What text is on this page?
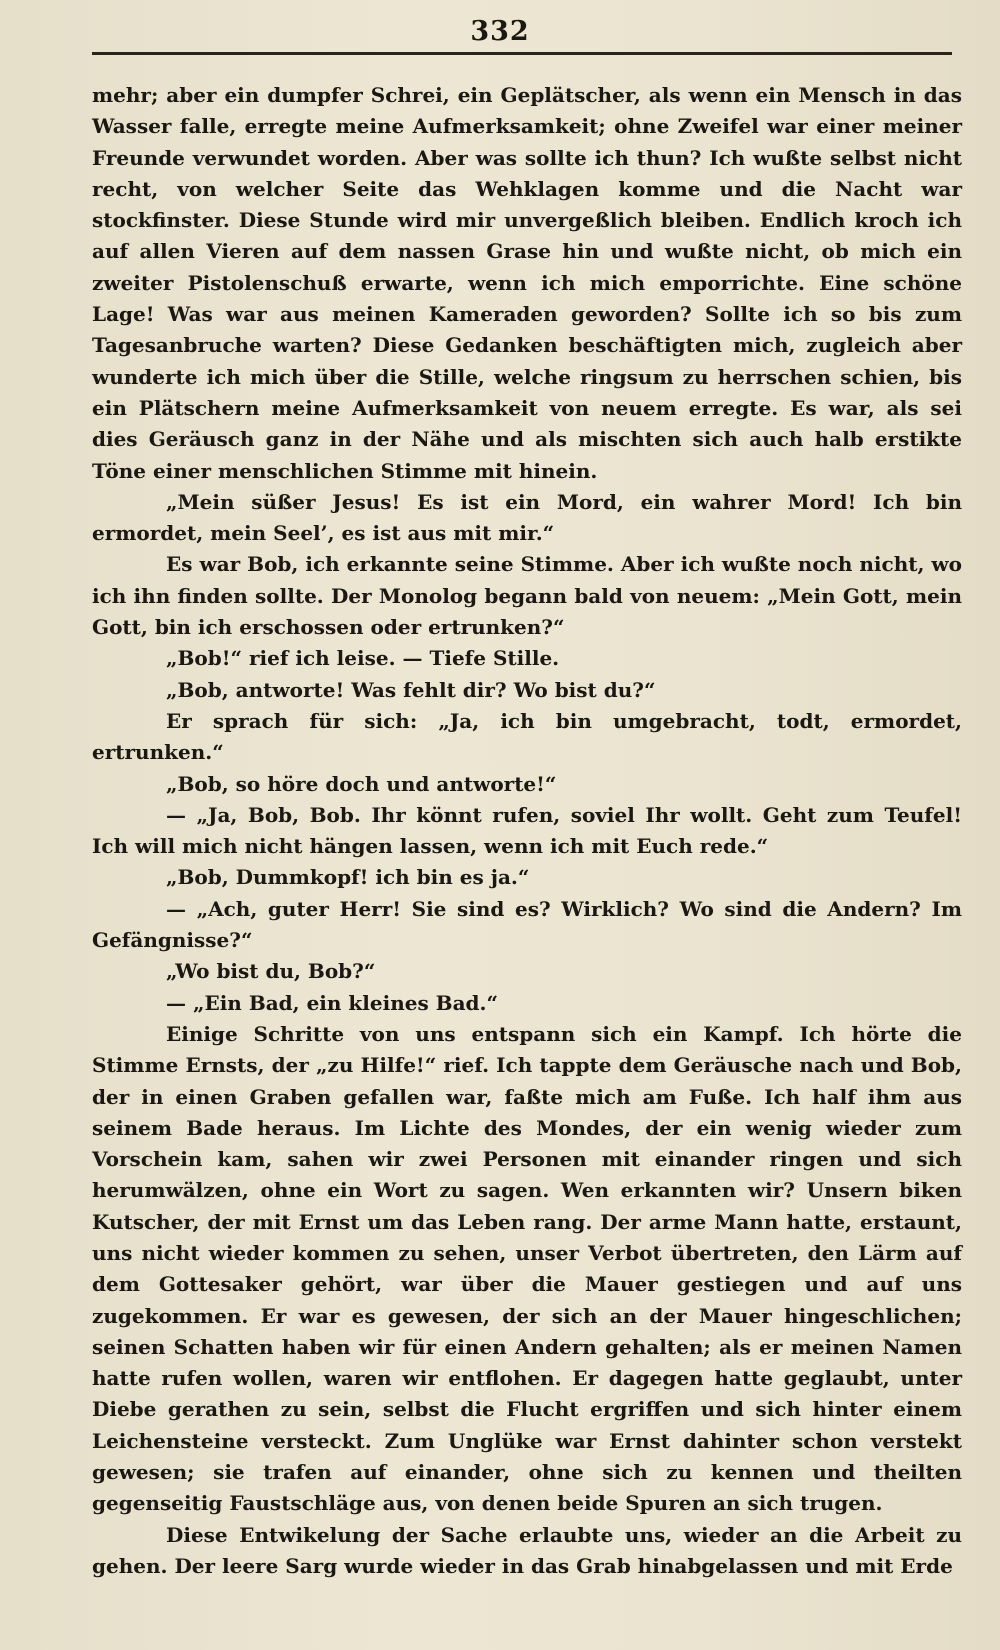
332

mehr; aber ein dumpfer Schrei, ein Geplätscher, als wenn ein Mensch in das Wasser falle, erregte meine Aufmerksamkeit; ohne Zweifel war einer meiner Freunde verwundet worden. Aber was sollte ich thun? Ich wußte selbst nicht recht, von welcher Seite das Wehklagen komme und die Nacht war stockfinster. Diese Stunde wird mir unvergeßlich bleiben. Endlich kroch ich auf allen Vieren auf dem nassen Grase hin und wußte nicht, ob mich ein zweiter Pistolenschuß erwarte, wenn ich mich emporrichte. Eine schöne Lage! Was war aus meinen Kameraden geworden? Sollte ich so bis zum Tagesanbruche warten? Diese Gedanken beschäftigten mich, zugleich aber wunderte ich mich über die Stille, welche ringsum zu herrschen schien, bis ein Plätschern meine Aufmerksamkeit von neuem erregte. Es war, als sei dies Geräusch ganz in der Nähe und als mischten sich auch halb erstikte Töne einer menschlichen Stimme mit hinein.

„Mein süßer Jesus! Es ist ein Mord, ein wahrer Mord! Ich bin ermordet, mein Seel’, es ist aus mit mir.“

Es war Bob, ich erkannte seine Stimme. Aber ich wußte noch nicht, wo ich ihn finden sollte. Der Monolog begann bald von neuem: „Mein Gott, mein Gott, bin ich erschossen oder ertrunken?“

„Bob!“ rief ich leise. — Tiefe Stille.

„Bob, antworte! Was fehlt dir? Wo bist du?“

Er sprach für sich: „Ja, ich bin umgebracht, todt, ermordet, ertrunken.“

„Bob, so höre doch und antworte!“

— „Ja, Bob, Bob. Ihr könnt rufen, soviel Ihr wollt. Geht zum Teufel! Ich will mich nicht hängen lassen, wenn ich mit Euch rede.“

„Bob, Dummkopf! ich bin es ja.“

— „Ach, guter Herr! Sie sind es? Wirklich? Wo sind die Andern? Im Gefängnisse?“

„Wo bist du, Bob?“

— „Ein Bad, ein kleines Bad.“

Einige Schritte von uns entspann sich ein Kampf. Ich hörte die Stimme Ernsts, der „zu Hilfe!“ rief. Ich tappte dem Geräusche nach und Bob, der in einen Graben gefallen war, faßte mich am Fuße. Ich half ihm aus seinem Bade heraus. Im Lichte des Mondes, der ein wenig wieder zum Vorschein kam, sahen wir zwei Personen mit einander ringen und sich herumwälzen, ohne ein Wort zu sagen. Wen erkannten wir? Unsern biken Kutscher, der mit Ernst um das Leben rang. Der arme Mann hatte, erstaunt, uns nicht wieder kommen zu sehen, unser Verbot übertreten, den Lärm auf dem Gottesaker gehört, war über die Mauer gestiegen und auf uns zugekommen. Er war es gewesen, der sich an der Mauer hingeschlichen; seinen Schatten haben wir für einen Andern gehalten; als er meinen Namen hatte rufen wollen, waren wir entflohen. Er dagegen hatte geglaubt, unter Diebe gerathen zu sein, selbst die Flucht ergriffen und sich hinter einem Leichensteine versteckt. Zum Unglüke war Ernst dahinter schon verstekt gewesen; sie trafen auf einander, ohne sich zu kennen und theilten gegenseitig Faustschläge aus, von denen beide Spuren an sich trugen.

Diese Entwikelung der Sache erlaubte uns, wieder an die Arbeit zu gehen. Der leere Sarg wurde wieder in das Grab hinabgelassen und mit Erde
